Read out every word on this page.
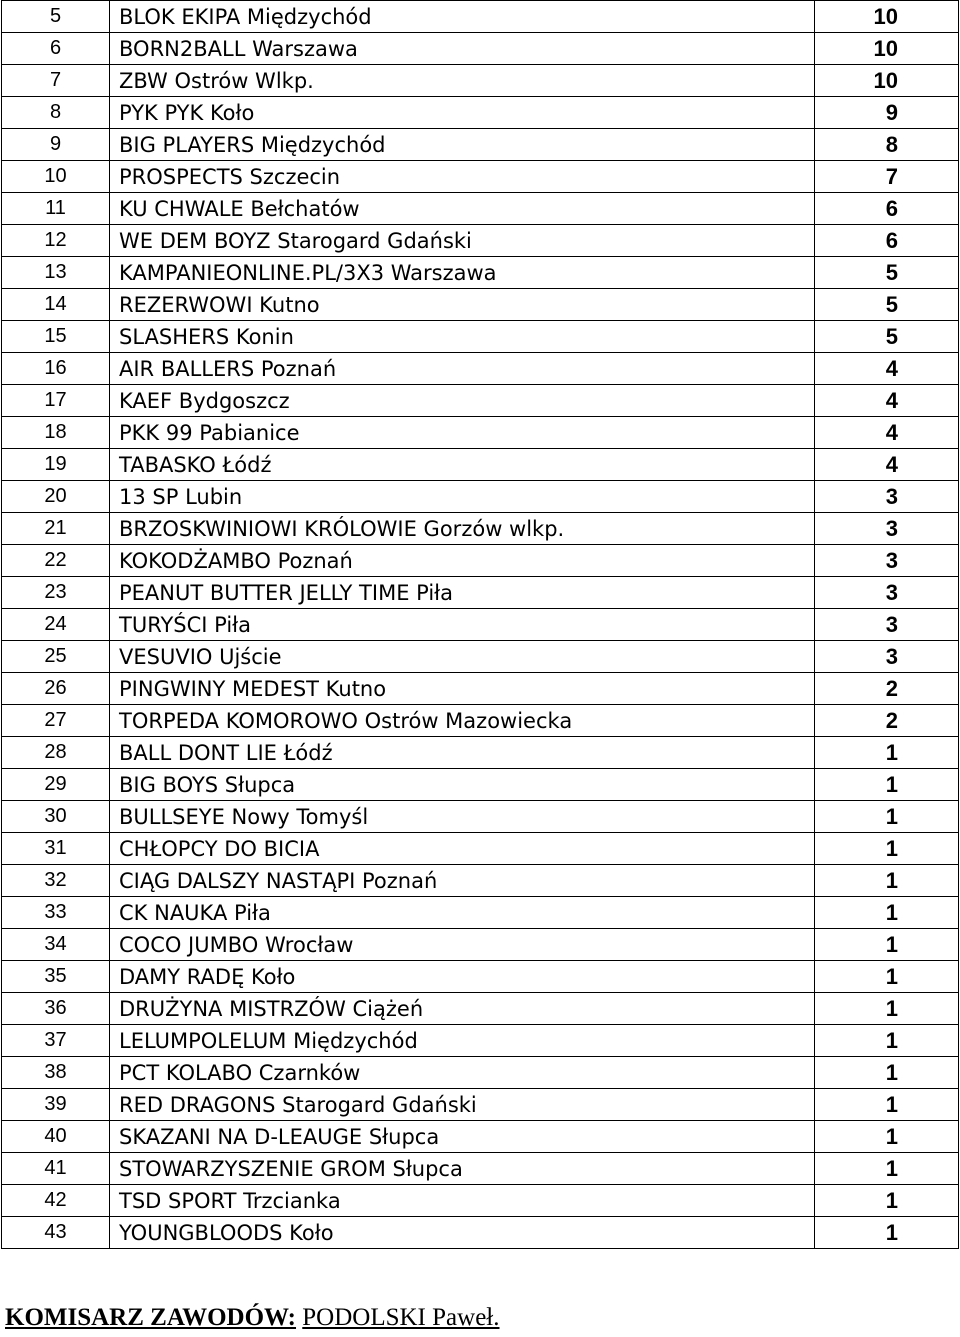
5	BLOK EKIPA Międzychód	10
6	BORN2BALL Warszawa	10
7	ZBW Ostrów Wlkp.	10
8	PYK PYK Koło	9
9	BIG PLAYERS Międzychód	8
10	PROSPECTS Szczecin	7
11	KU CHWALE Bełchatów	6
12	WE DEM BOYZ Starogard Gdański	6
13	KAMPANIEONLINE.PL/3X3 Warszawa	5
14	REZERWOWI Kutno	5
15	SLASHERS Konin	5
16	AIR BALLERS Poznań	4
17	KAEF Bydgoszcz	4
18	PKK 99 Pabianice	4
19	TABASKO Łódź	4
20	13 SP Lubin	3
21	BRZOSKWINIOWI KRÓLOWIE Gorzów wlkp.	3
22	KOKODŻAMBO Poznań	3
23	PEANUT BUTTER JELLY TIME Piła	3
24	TURYŚCI Piła	3
25	VESUVIO Ujście	3
26	PINGWINY MEDEST Kutno	2
27	TORPEDA KOMOROWO Ostrów Mazowiecka	2
28	BALL DONT LIE Łódź	1
29	BIG BOYS Słupca	1
30	BULLSEYE Nowy Tomyśl	1
31	CHŁOPCY DO BICIA	1
32	CIĄG DALSZY NASTĄPI Poznań	1
33	CK NAUKA Piła	1
34	COCO JUMBO Wrocław	1
35	DAMY RADĘ Koło	1
36	DRUŻYNA MISTRZÓW Ciążeń	1
37	LELUMPOLELUM Międzychód	1
38	PCT KOLABO Czarnków	1
39	RED DRAGONS Starogard Gdański	1
40	SKAZANI NA D-LEAUGE Słupca	1
41	STOWARZYSZENIE GROM Słupca	1
42	TSD SPORT Trzcianka	1
43	YOUNGBLOODS Koło	1
KOMISARZ ZAWODÓW: PODOLSKI Paweł.
